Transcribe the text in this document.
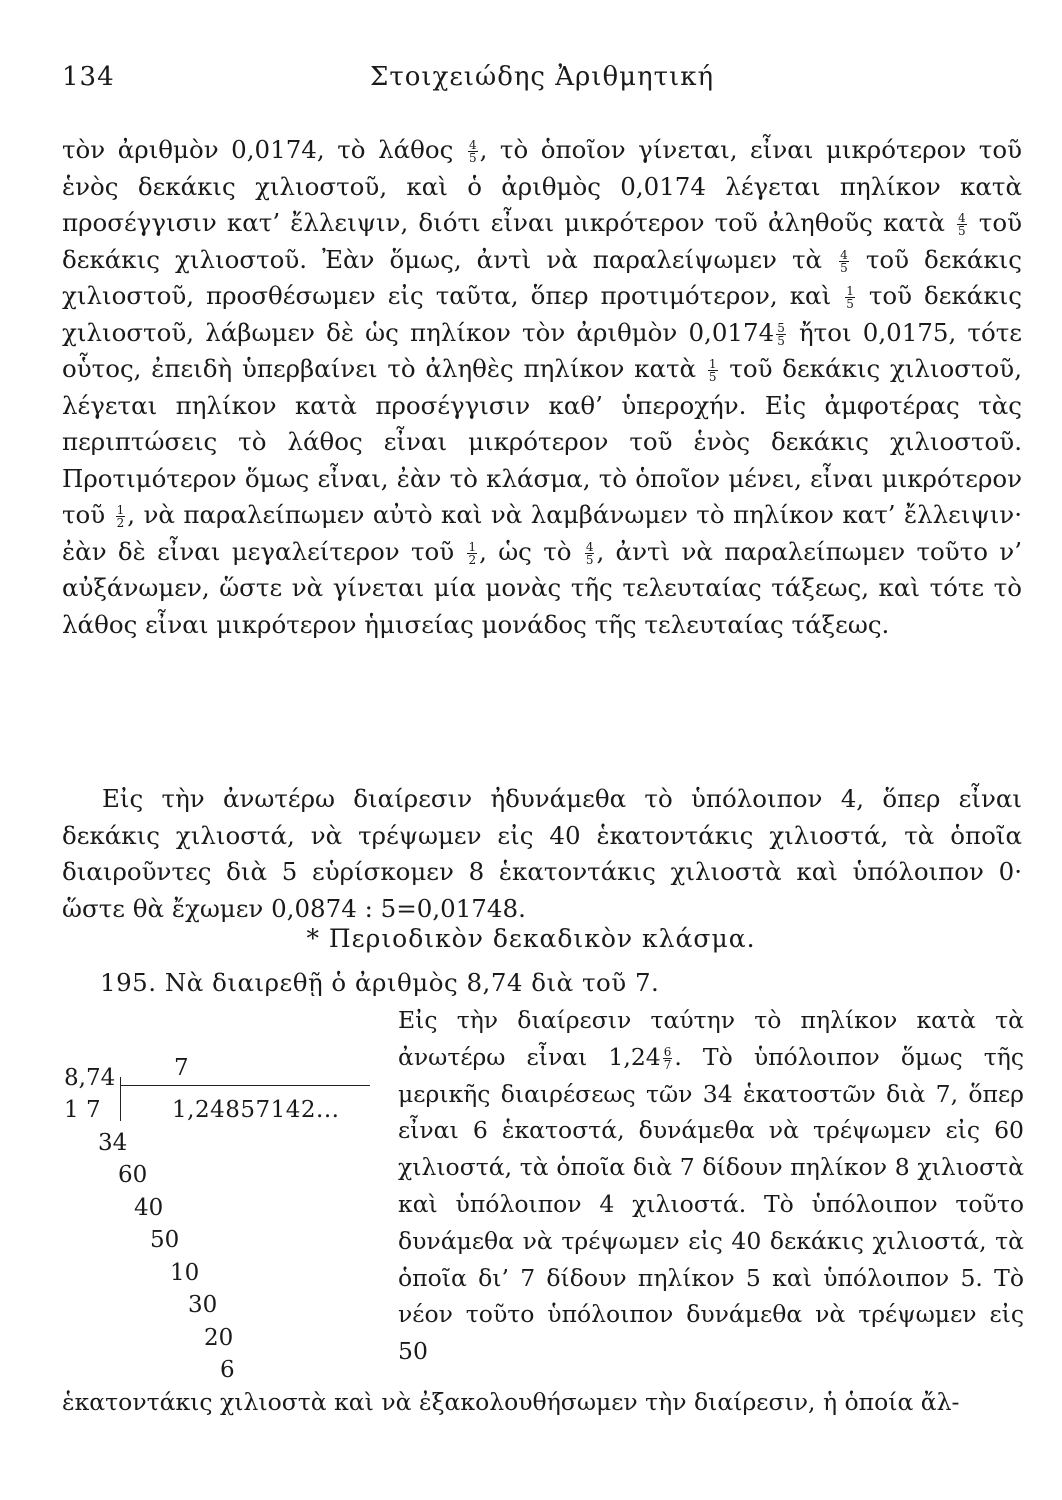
134	Στοιχειώδης Ἀριθμητική

τὸν ἀριθμὸν 0,0174, τὸ λάθος $\frac{4}{5}$ , τὸ ὁποῖον γίνεται, εἶναι μικρότερον τοῦ ἑνὸς δεκάκις χιλιοστοῦ, καὶ ὁ ἀριθμὸς 0,0174 λέγεται πηλίκον κατὰ προσέγγισιν κατ’ ἔλλειψιν, διότι εἶναι μικρότερον τοῦ ἀληθοῦς κατὰ $\frac{4}{5}$ τοῦ δεκάκις χιλιοστοῦ. Ἐὰν ὅμως, ἀντὶ νὰ παραλείψωμεν τὰ $\frac{4}{5}$ τοῦ δεκάκις χιλιοστοῦ, προσθέσωμεν εἰς ταῦτα, ὅπερ προτιμότερον, καὶ $\frac{1}{5}$ τοῦ δεκάκις χιλιοστοῦ, λάβωμεν δὲ ὡς πηλίκον τὸν ἀριθμὸν $0,0174 \frac{5}{5}$ ἤτοι 0,0175, τότε οὗτος, ἐπειδὴ ὑπερβαίνει τὸ ἀληθὲς πηλίκον κατὰ $\frac{1}{5}$ τοῦ δεκάκις χιλιοστοῦ, λέγεται πηλίκον κατὰ προσέγγισιν καθ’ ὑπεροχήν. Εἰς ἀμφοτέρας τὰς περιπτώσεις τὸ λάθος εἶναι μικρότερον τοῦ ἑνὸς δεκάκις χιλιοστοῦ. Προτιμότερον ὅμως εἶναι, ἐὰν τὸ κλάσμα, τὸ ὁποῖον μένει, εἶναι μικρότερον τοῦ $\frac{1}{2}$ , νὰ παραλείπωμεν αὐτὸ καὶ νὰ λαμβάνωμεν τὸ πηλίκον κατ’ ἔλλειψιν· ἐὰν δὲ εἶναι μεγαλείτερον τοῦ $\frac{1}{2}$ , ὡς τὸ $\frac{4}{5}$ , ἀντὶ νὰ παραλείπωμεν τοῦτο ν’ αὐξάνωμεν, ὥστε νὰ γίνεται μία μονὰς τῆς τελευταίας τάξεως, καὶ τότε τὸ λάθος εἶναι μικρότερον ἡμισείας μονάδος τῆς τελευταίας τάξεως.

Εἰς τὴν ἀνωτέρω διαίρεσιν ἠδυνάμεθα τὸ ὑπόλοιπον 4, ὅπερ εἶναι δεκάκις χιλιοστά, νὰ τρέψωμεν εἰς 40 ἑκατοντάκις χιλιοστά, τὰ ὁποῖα διαιροῦντες διὰ 5 εὑρίσκομεν 8 ἑκατοντάκις χιλιοστὰ καὶ ὑπόλοιπον 0· ὥστε θὰ ἔχωμεν 0,0874 : 5=0,01748.

* Περιοδικὸν δεκαδικὸν κλάσμα.
195. Νὰ διαιρεθῇ ὁ ἀριθμὸς 8,74 διὰ τοῦ 7.
8,74	7
1,24857142...
1 7
34
60
40
50
10
30
20
6

Εἰς τὴν διαίρεσιν ταύτην τὸ πηλίκον κατὰ τὰ ἀνωτέρω εἶναι $1,24 \frac{6}{7}$ . Τὸ ὑπόλοιπον ὅμως τῆς μερικῆς διαιρέσεως τῶν 34 ἑκατοστῶν διὰ 7, ὅπερ εἶναι 6 ἑκατοστά, δυνάμεθα νὰ τρέψωμεν εἰς 60 χιλιοστά, τὰ ὁποῖα διὰ 7 δίδουν πηλίκον 8 χιλιοστὰ καὶ ὑπόλοιπον 4 χιλιοστά. Τὸ ὑπόλοιπον τοῦτο δυνάμεθα νὰ τρέψωμεν εἰς 40 δεκάκις χιλιοστά, τὰ ὁποῖα δι’ 7 δίδουν πηλίκον 5 καὶ ὑπόλοιπον 5. Τὸ νέον τοῦτο ὑπόλοιπον δυνάμεθα νὰ τρέψωμεν εἰς 50

ἑκατοντάκις χιλιοστὰ καὶ νὰ ἐξακολουθήσωμεν τὴν διαίρεσιν, ἡ ὁποία ἄλ-
